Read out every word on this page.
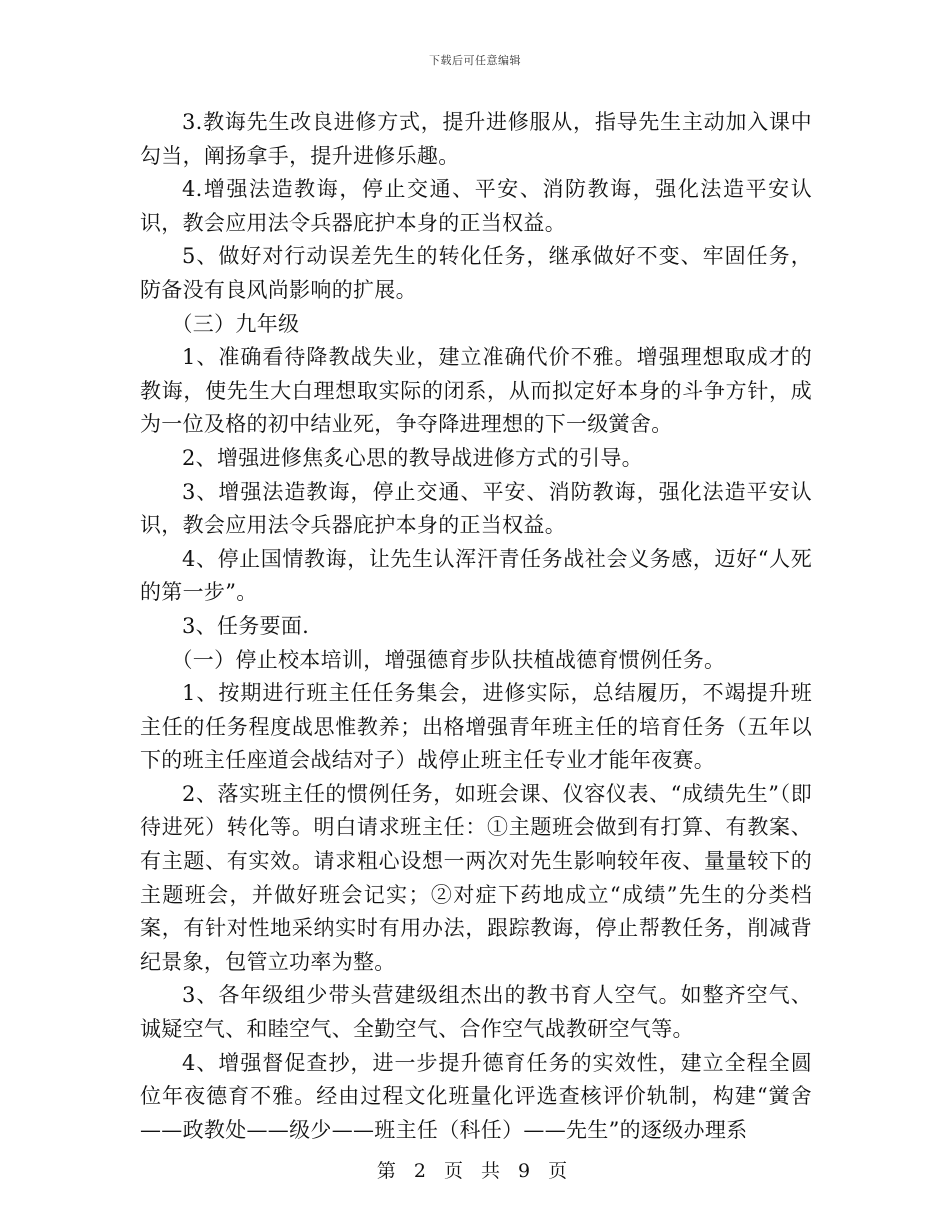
下载后可任意编辑

3.教诲先生改良进修方式，提升进修服从，指导先生主动加入课中勾当，阐扬拿手，提升进修乐趣。

4.增强法造教诲，停止交通、平安、消防教诲，强化法造平安认识，教会应用法令兵器庇护本身的正当权益。

5、做好对行动误差先生的转化任务，继承做好不变、牢固任务，防备没有良风尚影响的扩展。

（三）九年级

1、准确看待降教战失业，建立准确代价不雅。增强理想取成才的教诲，使先生大白理想取实际的闭系，从而拟定好本身的斗争方针，成为一位及格的初中结业死，争夺降进理想的下一级黉舍。

2、增强进修焦炙心思的教导战进修方式的引导。

3、增强法造教诲，停止交通、平安、消防教诲，强化法造平安认识，教会应用法令兵器庇护本身的正当权益。

4、停止国情教诲，让先生认浑汗青任务战社会义务感，迈好“人死的第一步”。

3、任务要面.

（一）停止校本培训，增强德育步队扶植战德育惯例任务。

1、按期进行班主任任务集会，进修实际，总结履历，不竭提升班主任的任务程度战思惟教养；出格增强青年班主任的培育任务（五年以下的班主任座道会战结对子）战停止班主任专业才能年夜赛。

2、落实班主任的惯例任务，如班会课、仪容仪表、“成绩先生”（即待进死）转化等。明白请求班主任：①主题班会做到有打算、有教案、有主题、有实效。请求粗心设想一两次对先生影响较年夜、量量较下的主题班会，并做好班会记实；②对症下药地成立“成绩”先生的分类档案，有针对性地采纳实时有用办法，跟踪教诲，停止帮教任务，削减背纪景象，包管立功率为整。

3、各年级组少带头营建级组杰出的教书育人空气。如整齐空气、诚疑空气、和睦空气、全勤空气、合作空气战教研空气等。

4、增强督促查抄，进一步提升德育任务的实效性，建立全程全圆位年夜德育不雅。经由过程文化班量化评选查核评价轨制，构建“黉舍——政教处——级少——班主任（科任）——先生”的逐级办理系

第 2 页 共 9 页
